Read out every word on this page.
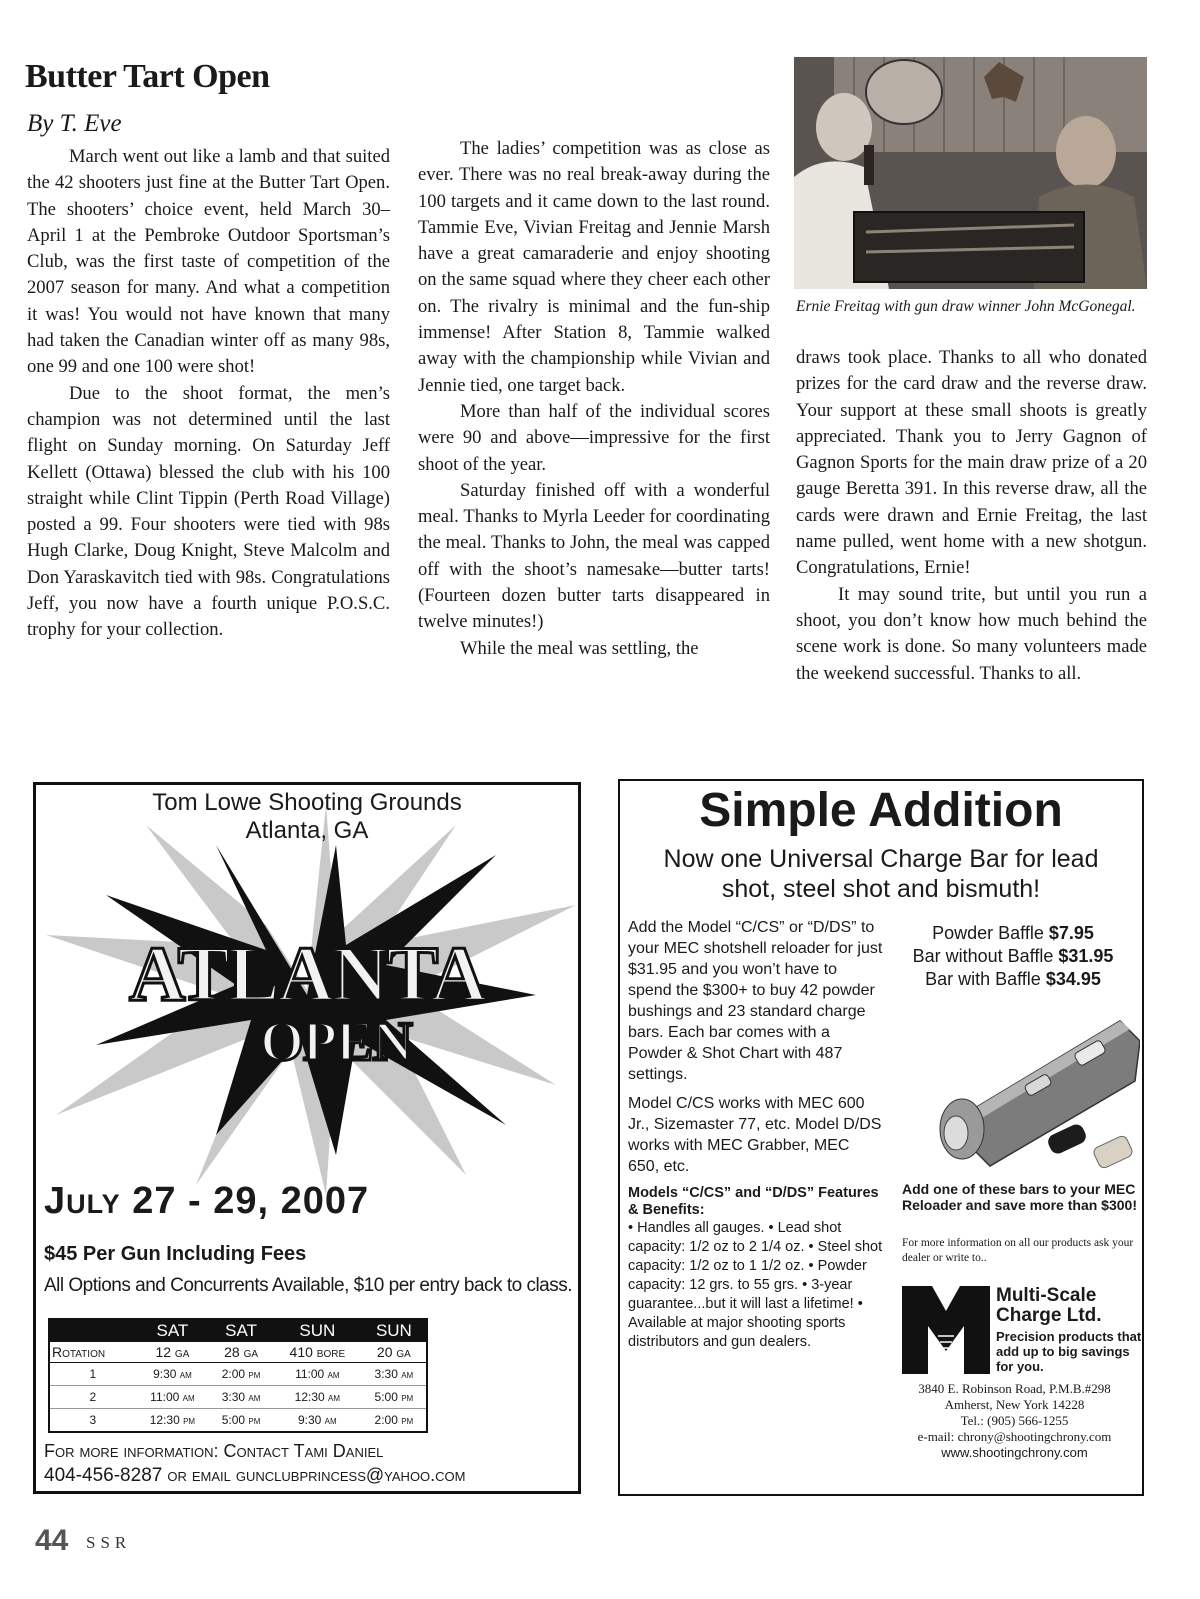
Butter Tart Open
By T. Eve

March went out like a lamb and that suited the 42 shooters just fine at the Butter Tart Open. The shooters’ choice event, held March 30–April 1 at the Pembroke Outdoor Sportsman’s Club, was the first taste of competition of the 2007 season for many. And what a competition it was! You would not have known that many had taken the Canadian winter off as many 98s, one 99 and one 100 were shot!

Due to the shoot format, the men’s champion was not determined until the last flight on Sunday morning. On Saturday Jeff Kellett (Ottawa) blessed the club with his 100 straight while Clint Tippin (Perth Road Village) posted a 99. Four shooters were tied with 98s Hugh Clarke, Doug Knight, Steve Malcolm and Don Yaraskavitch tied with 98s. Congratulations Jeff, you now have a fourth unique P.O.S.C. trophy for your collection.

The ladies’ competition was as close as ever. There was no real break-away during the 100 targets and it came down to the last round. Tammie Eve, Vivian Freitag and Jennie Marsh have a great camaraderie and enjoy shooting on the same squad where they cheer each other on. The rivalry is minimal and the fun-ship immense! After Station 8, Tammie walked away with the championship while Vivian and Jennie tied, one target back.

More than half of the individual scores were 90 and above—impressive for the first shoot of the year.

Saturday finished off with a wonderful meal. Thanks to Myrla Leeder for coordinating the meal. Thanks to John, the meal was capped off with the shoot’s namesake—butter tarts! (Fourteen dozen butter tarts disappeared in twelve minutes!)

While the meal was settling, the

Ernie Freitag with gun draw winner John McGonegal.

draws took place. Thanks to all who donated prizes for the card draw and the reverse draw. Your support at these small shoots is greatly appreciated. Thank you to Jerry Gagnon of Gagnon Sports for the main draw prize of a 20 gauge Beretta 391. In this reverse draw, all the cards were drawn and Ernie Freitag, the last name pulled, went home with a new shotgun. Congratulations, Ernie!

It may sound trite, but until you run a shoot, you don’t know how much behind the scene work is done. So many volunteers made the weekend successful. Thanks to all.

ATLANTA
OPEN
Tom Lowe Shooting Grounds
Atlanta, GA
July 27 - 29, 2007
$45 Per Gun Including Fees
All Options and Concurrents Available, $10 per entry back to class.
	SAT	SAT	SUN	SUN
Rotation	12 ga	28 ga	410 bore	20 ga
1	9:30 am	2:00 pm	11:00 am	3:30 am
2	11:00 am	3:30 am	12:30 am	5:00 pm
3	12:30 pm	5:00 pm	9:30 am	2:00 pm
For more information: Contact Tami Daniel
404-456-8287 or email gunclubprincess@yahoo.com
Simple Addition
Now one Universal Charge Bar for lead
shot, steel shot and bismuth!

Add the Model “C/CS” or “D/DS” to your MEC shotshell reloader for just $31.95 and you won’t have to spend the $300+ to buy 42 powder bushings and 23 standard charge bars. Each bar comes with a Powder & Shot Chart with 487 settings.

Model C/CS works with MEC 600 Jr., Sizemaster 77, etc. Model D/DS works with MEC Grabber, MEC 650, etc.

Models “C/CS” and “D/DS” Features & Benefits:
• Handles all gauges. • Lead shot capacity: 1/2 oz to 2 1/4 oz. • Steel shot capacity: 1/2 oz to 1 1/2 oz. • Powder capacity: 12 grs. to 55 grs. • 3-year guarantee...but it will last a lifetime! • Available at major shooting sports distributors and gun dealers.
Powder Baffle $7.95
Bar without Baffle $31.95
Bar with Baffle $34.95
Add one of these bars to your MEC Reloader and save more than $300!
For more information on all our products ask your dealer or write to..
Multi-Scale
Charge Ltd.
Precision products that add up to big savings for you.
3840 E. Robinson Road, P.M.B.#298
Amherst, New York 14228
Tel.: (905) 566-1255
e-mail: chrony@shootingchrony.com
www.shootingchrony.com
44 SSR
